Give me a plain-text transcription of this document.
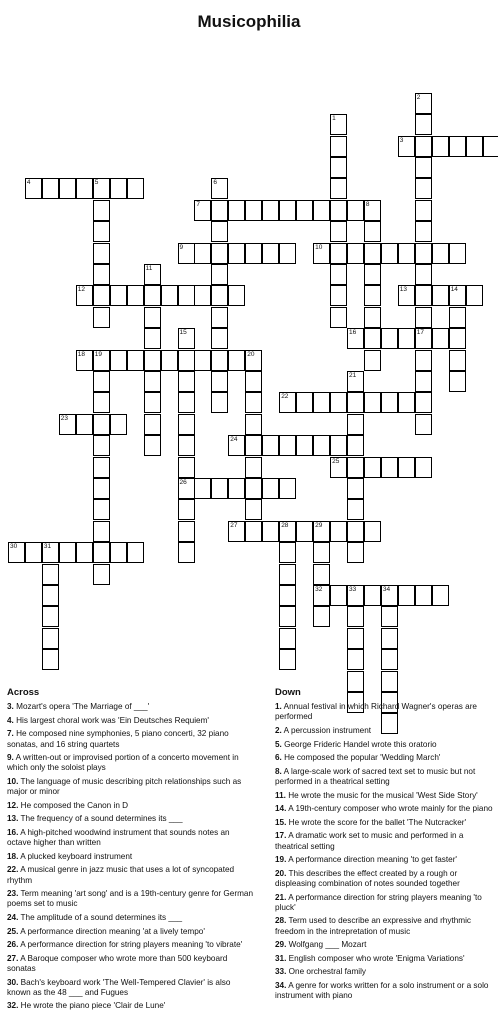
Musicophilia
1
2
17
3
4	5	6
7	8
9	10
11
12	13	14
15
26
16
18 19	20
21
22
23
24
25
27	28	29
32
30	31
33	34
Across
3. Mozart's opera 'The Marriage of ___'
4. His largest choral work was 'Ein Deutsches Requiem'
7. He composed nine symphonies, 5 piano concerti, 32 piano sonatas, and 16 string quartets
9. A written-out or improvised portion of a concerto movement in which only the soloist plays
10. The language of music describing pitch relationships such as major or minor
12. He composed the Canon in D
13. The frequency of a sound determines its ___
16. A high-pitched woodwind instrument that sounds notes an octave higher than written
18. A plucked keyboard instrument
22. A musical genre in jazz music that uses a lot of syncopated rhythm
23. Term meaning 'art song' and is a 19th-century genre for German poems set to music
24. The amplitude of a sound determines its ___
25. A performance direction meaning 'at a lively tempo'
26. A performance direction for string players meaning 'to vibrate'
27. A Baroque composer who wrote more than 500 keyboard sonatas
30. Bach's keyboard work 'The Well-Tempered Clavier' is also known as the 48 ___ and Fugues
32. He wrote the piano piece 'Clair de Lune'
Down
1. Annual festival in which Richard Wagner's operas are performed
2. A percussion instrument
5. George Frideric Handel wrote this oratorio
6. He composed the popular 'Wedding March'
8. A large-scale work of sacred text set to music but not performed in a theatrical setting
11. He wrote the music for the musical 'West Side Story'
14. A 19th-century composer who wrote mainly for the piano
15. He wrote the score for the ballet 'The Nutcracker'
17. A dramatic work set to music and performed in a theatrical setting
19. A performance direction meaning 'to get faster'
20. This describes the effect created by a rough or displeasing combination of notes sounded together
21. A performance direction for string players meaning 'to pluck'
28. Term used to describe an expressive and rhythmic freedom in the intrepretation of music
29. Wolfgang ___ Mozart
31. English composer who wrote 'Enigma Variations'
33. One orchestral family
34. A genre for works written for a solo instrument or a solo instrument with piano
